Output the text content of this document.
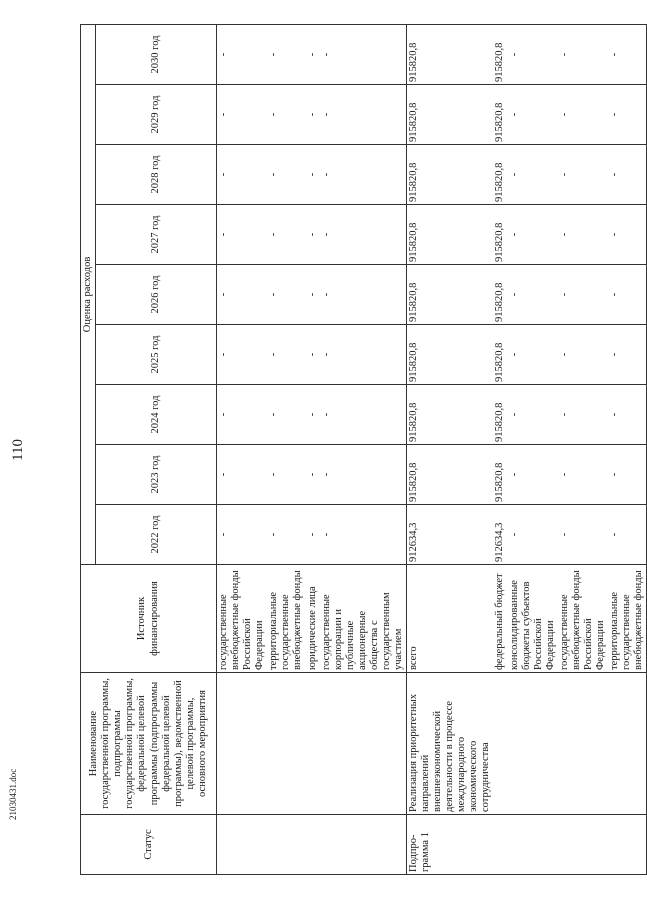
110
Статус	Наименование государственной программы, подпрограммы государственной программы, федеральной целевой программы (подпрограммы федеральной целевой программы), ведомственной целевой программы, основного мероприятия	Источник финансирования	Оценка расходов								
			2022 год	2023 год	2024 год	2025 год	2026 год	2027 год	2028 год	2029 год	2030 год
		государственные внебюджетные фонды Российской Федерации	-	-	-	-	-	-	-	-	-
		территориальные государственные внебюджетные фонды	-	-	-	-	-	-	-	-	-
		юридические лица	-	-	-	-	-	-	-	-	-
		государственные корпорации и публичные акционерные общества с государственным участием	-	-	-	-	-	-	-	-	-
Подпро-грамма 1	Реализация приоритетных направлений внешнеэкономической деятельности в процессе международного экономического сотрудничества	всего	912634,3	915820,8	915820,8	915820,8	915820,8	915820,8	915820,8	915820,8	915820,8
		федеральный бюджет	912634,3	915820,8	915820,8	915820,8	915820,8	915820,8	915820,8	915820,8	915820,8
		консолидированные бюджеты субъектов Российской Федерации	-	-	-	-	-	-	-	-	-
		государственные внебюджетные фонды Российской Федерации	-	-	-	-	-	-	-	-	-
		территориальные государственные внебюджетные фонды	-	-	-	-	-	-	-	-	-
21030431.doc
